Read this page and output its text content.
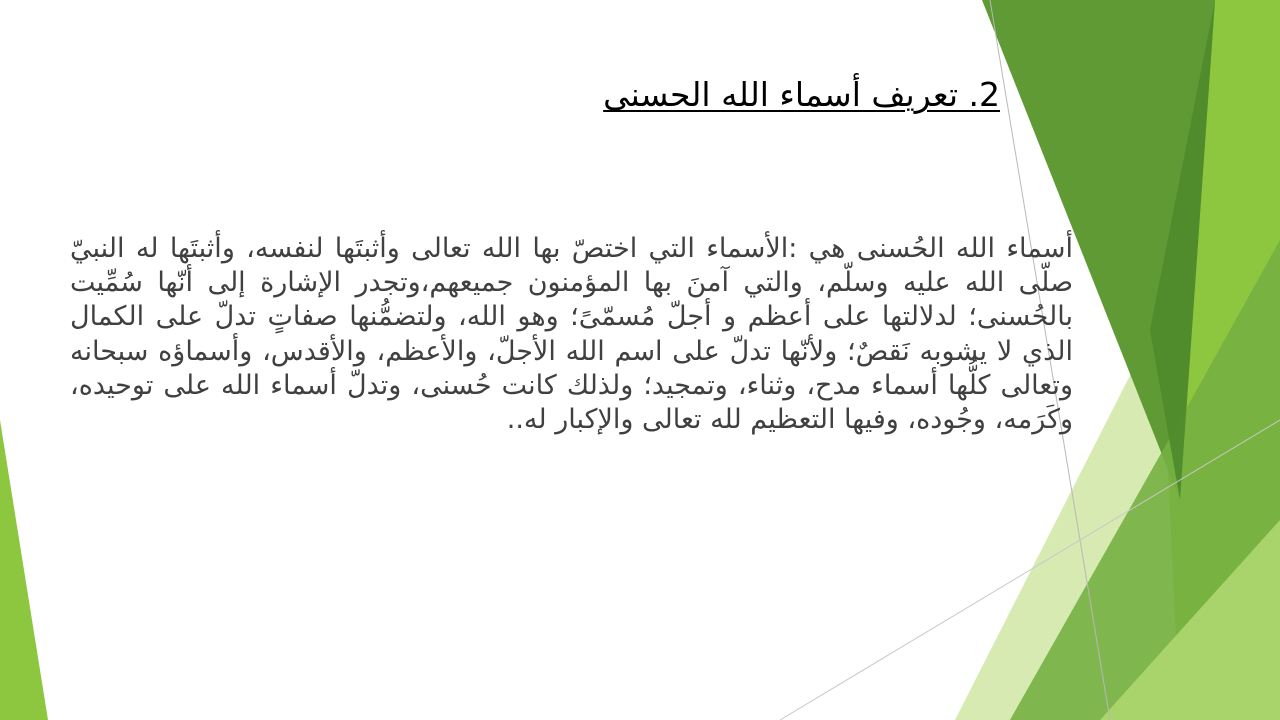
2. تعريف أسماء الله الحسنى
أسماء الله الحُسنى هي :الأسماء التي اختصّ بها الله تعالى وأثبتَها لنفسه، وأثبتَها له النبيّ صلّى الله عليه وسلّم، والتي آمنَ بها المؤمنون جميعهم،وتجدر الإشارة إلى أنّها سُمِّيت بالحُسنى؛ لدلالتها على أعظم و أجلّ مُسمّىً؛ وهو الله، ولتضمُّنها صفاتٍ تدلّ على الكمال الذي لا يشوبه نَقصٌ؛ ولأنّها تدلّ على اسم الله الأجلّ، والأعظم، والأقدس، وأسماؤه سبحانه وتعالى كلُّها أسماء مدح، وثناء، وتمجيد؛ ولذلك كانت حُسنى، وتدلّ أسماء الله على توحيده، وكَرَمه، وجُوده، وفيها التعظيم لله تعالى والإكبار له..
